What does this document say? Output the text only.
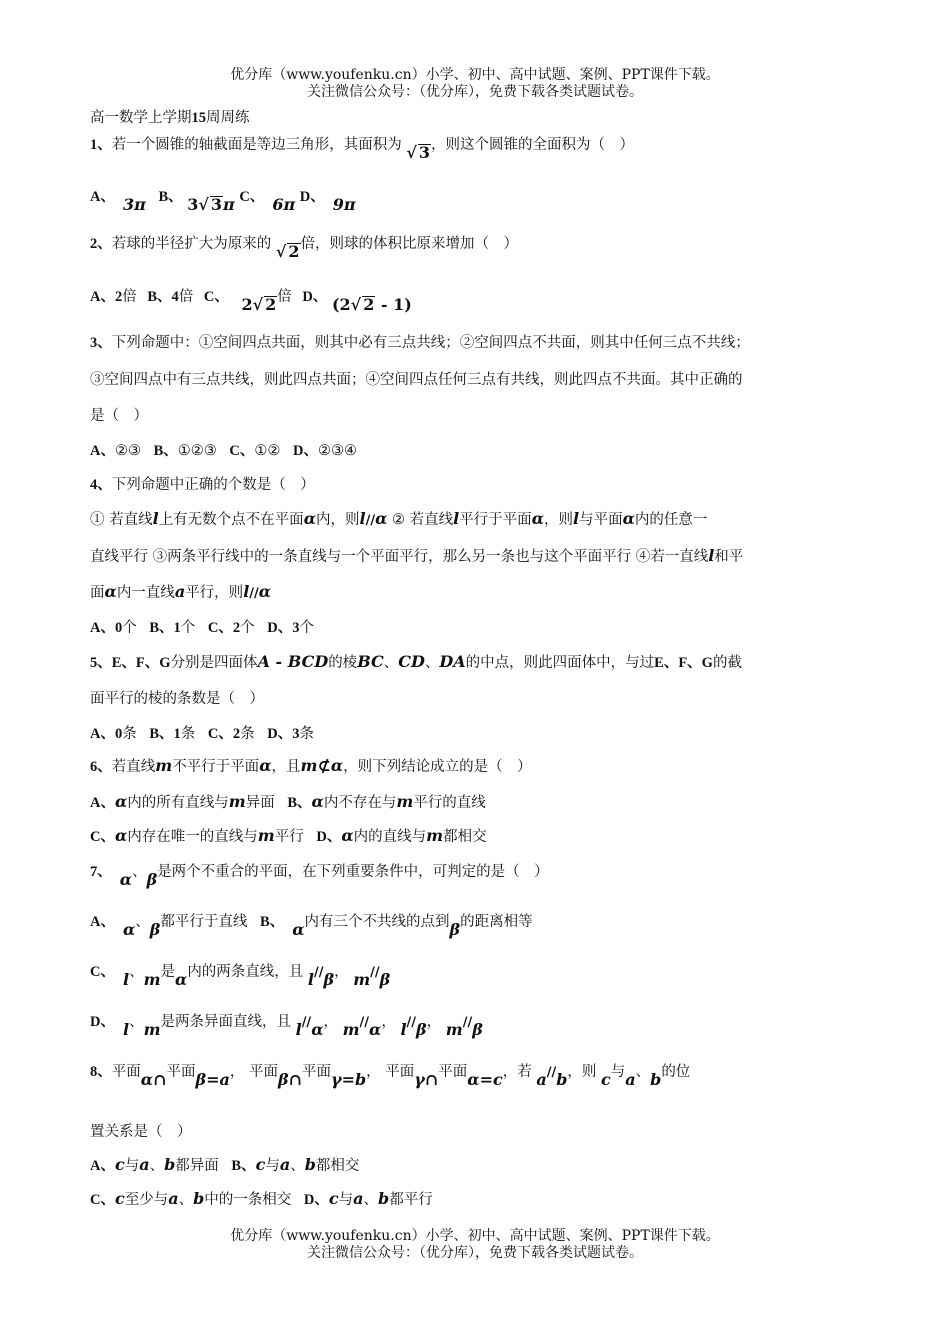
优分库（www.youfenku.cn）小学、初中、高中试题、案例、PPT课件下载。
关注微信公众号：（优分库），免费下载各类试题试卷。
高一数学上学期15周周练
1、若一个圆锥的轴截面是等边三角形，其面积为 √ 3，则这个圆锥的全面积为（　）
A、 3π B、 3√ 3π C、 6π D、 9π
2、若球的半径扩大为原来的 √ 2倍，则球的体积比原来增加（　）
A、2倍 B、4倍 C、 2√ 2倍 D、 (2√ 2 - 1)
3、下列命题中：①空间四点共面，则其中必有三点共线；②空间四点不共面，则其中任何三点不共线；
③空间四点中有三点共线，则此四点共面；④空间四点任何三点有共线，则此四点不共面。其中正确的
是（　）
A、②③ B、①②③ C、①② D、②③④
4、下列命题中正确的个数是（　）
① 若直线l上有无数个点不在平面α内，则l//α ② 若直线l平行于平面α，则l与平面α内的任意一
直线平行 ③两条平行线中的一条直线与一个平面平行，那么另一条也与这个平面平行 ④若一直线l和平
面α内一直线a平行，则l//α
A、0个 B、1个 C、2个 D、3个
5、E、F、G分别是四面体A - BCD的棱BC、CD、DA的中点，则此四面体中，与过E、F、G的截
面平行的棱的条数是（　）
A、0条 B、1条 C、2条 D、3条
6、若直线m不平行于平面α，且m⊄α，则下列结论成立的是（　）
A、α内的所有直线与m异面 B、α内不存在与m平行的直线
C、α内存在唯一的直线与m平行 D、α内的直线与m都相交
7、 α、β是两个不重合的平面，在下列重要条件中，可判定的是（　）
A、 α、β都平行于直线 B、 α内有三个不共线的点到β的距离相等
C、 l、m是α内的两条直线，且 l//β， m//β
D、 l、m是两条异面直线，且 l//α， m//α， l//β， m//β
8、平面α∩平面β=a， 平面β∩平面γ=b， 平面γ∩平面α=c，若 a//b，则 c与a、b的位
置关系是（　）
A、c与a、b都异面 B、c与a、b都相交
C、c至少与a、b中的一条相交 D、c与a、b都平行
优分库（www.youfenku.cn）小学、初中、高中试题、案例、PPT课件下载。
关注微信公众号：（优分库），免费下载各类试题试卷。
